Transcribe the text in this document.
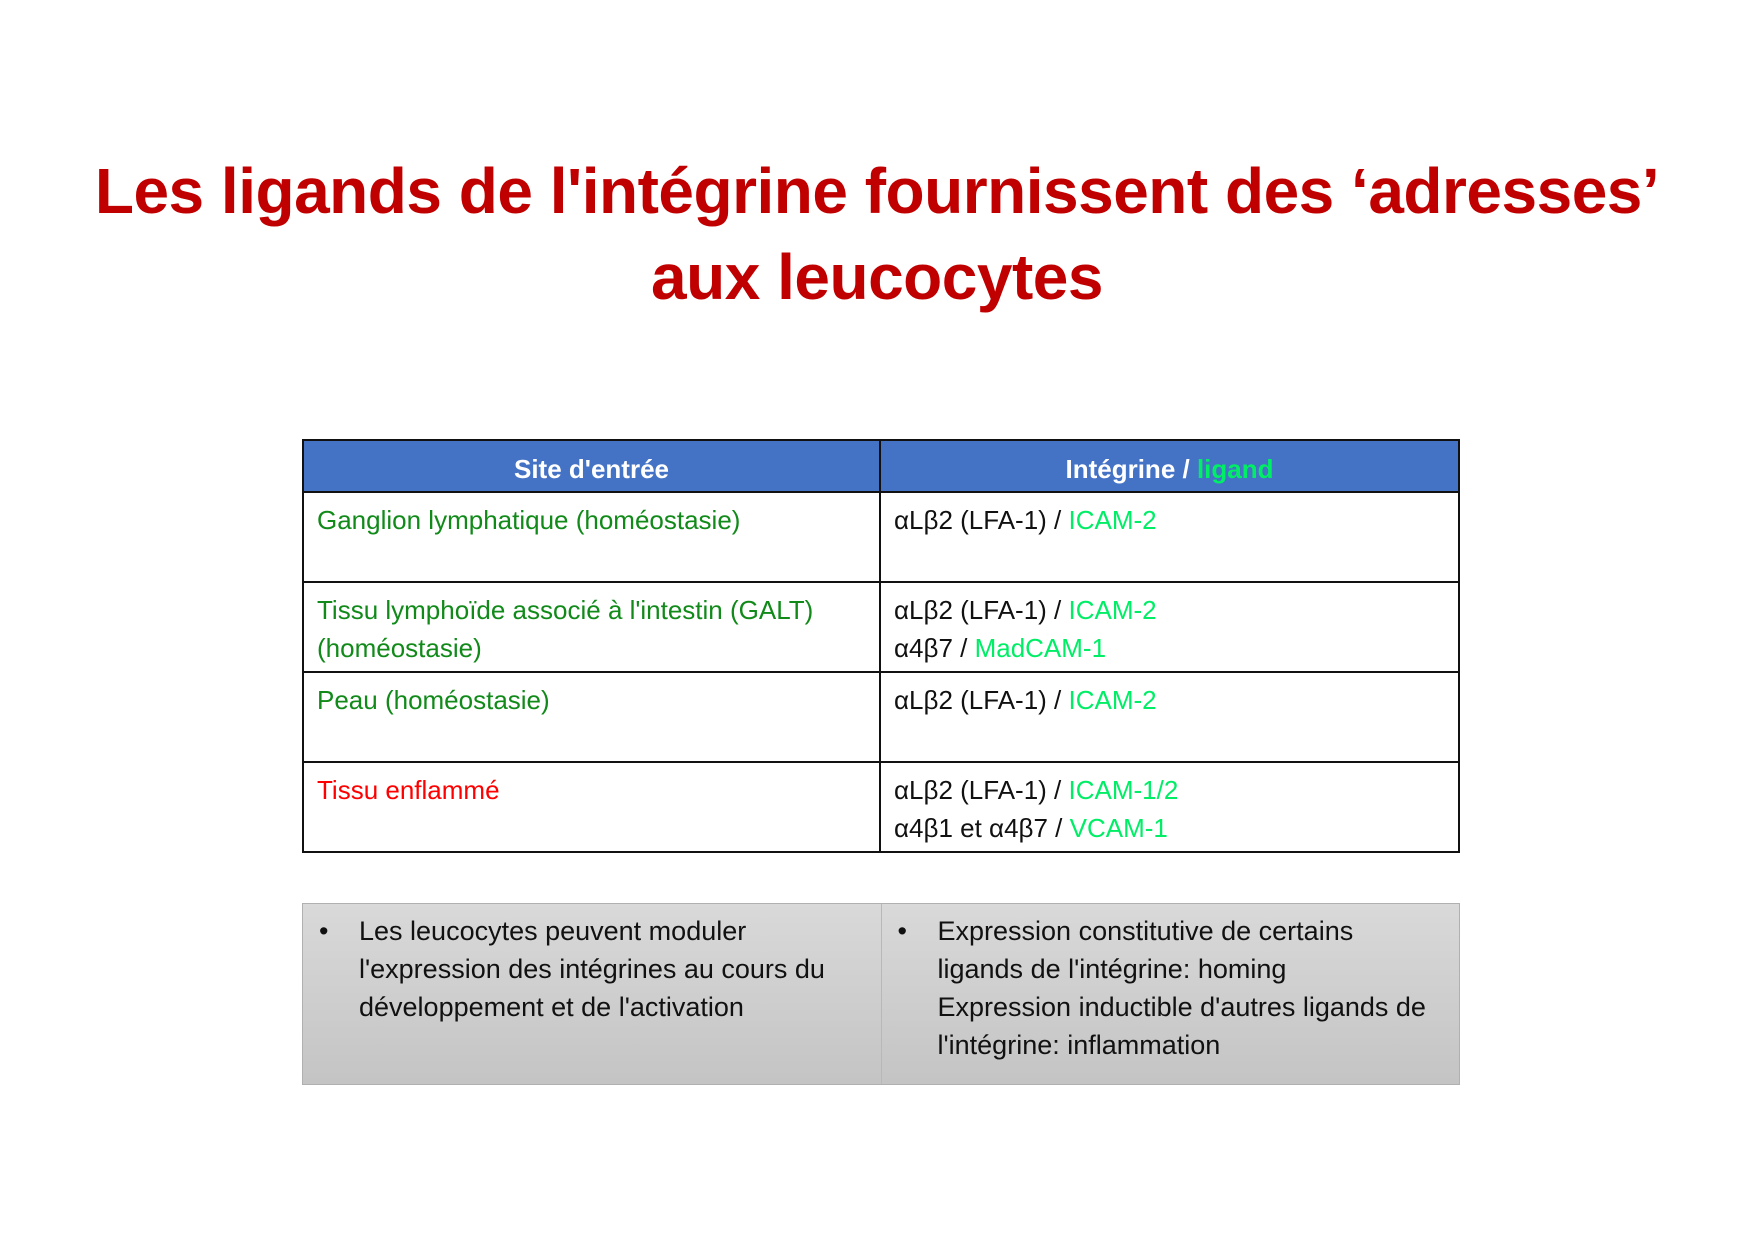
Les ligands de l'intégrine fournissent des ‘adresses’
aux leucocytes
Site d'entrée	Intégrine / ligand
Ganglion lymphatique (homéostasie)	αLβ2 (LFA-1) / ICAM-2

Tissu lymphoïde associé à l'intestin (GALT) (homéostasie)	αLβ2 (LFA-1) / ICAM-2
α4β7 / MadCAM-1

Peau (homéostasie)	αLβ2 (LFA-1) / ICAM-2

Tissu enflammé	αLβ2 (LFA-1) / ICAM-1/2
α4β1 et α4β7 / VCAM-1
•	Les leucocytes peuvent moduler l'expression des intégrines au cours du développement et de l'activation
•	Expression constitutive de certains ligands de l'intégrine: homing
Expression inductible d'autres ligands de l'intégrine: inflammation
